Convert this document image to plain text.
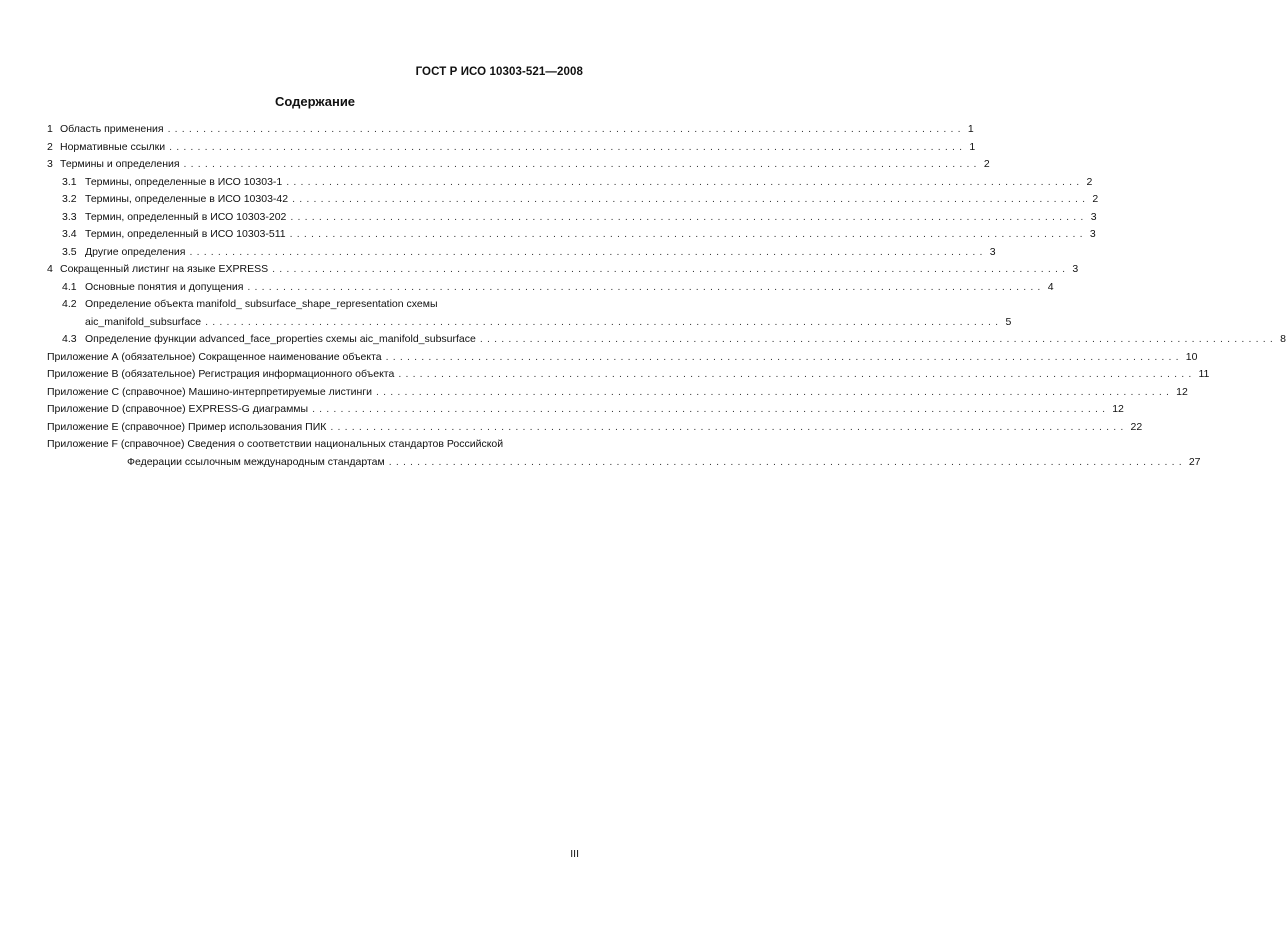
ГОСТ Р ИСО 10303-521—2008
Содержание
1 Область применения ................................................................................................................ 1
2 Нормативные ссылки ................................................................................................................ 1
3 Термины и определения ................................................................................................................ 2
3.1 Термины, определенные в ИСО 10303-1 ................................................................................................................ 2
3.2 Термины, определенные в ИСО 10303-42 ................................................................................................................ 2
3.3 Термин, определенный в ИСО 10303-202 ................................................................................................................ 3
3.4 Термин, определенный в ИСО 10303-511 ................................................................................................................ 3
3.5 Другие определения ................................................................................................................ 3
4 Сокращенный листинг на языке EXPRESS ................................................................................................................ 3
4.1 Основные понятия и допущения ................................................................................................................ 4
4.2 Определение объекта manifold_ subsurface_shape_representation схемы
aic_manifold_subsurface ................................................................................................................ 5
4.3 Определение функции advanced_face_properties схемы aic_manifold_subsurface ................................................................................................................ 8
Приложение А (обязательное) Сокращенное наименование объекта ................................................................................................................ 10
Приложение В (обязательное) Регистрация информационного объекта ................................................................................................................ 11
Приложение С (справочное) Машино-интерпретируемые листинги ................................................................................................................ 12
Приложение D (справочное) EXPRESS-G диаграммы ................................................................................................................ 12
Приложение Е (справочное) Пример использования ПИК ................................................................................................................ 22
Приложение F (справочное) Сведения о соответствии национальных стандартов Российской
Федерации ссылочным международным стандартам ................................................................................................................ 27
III
